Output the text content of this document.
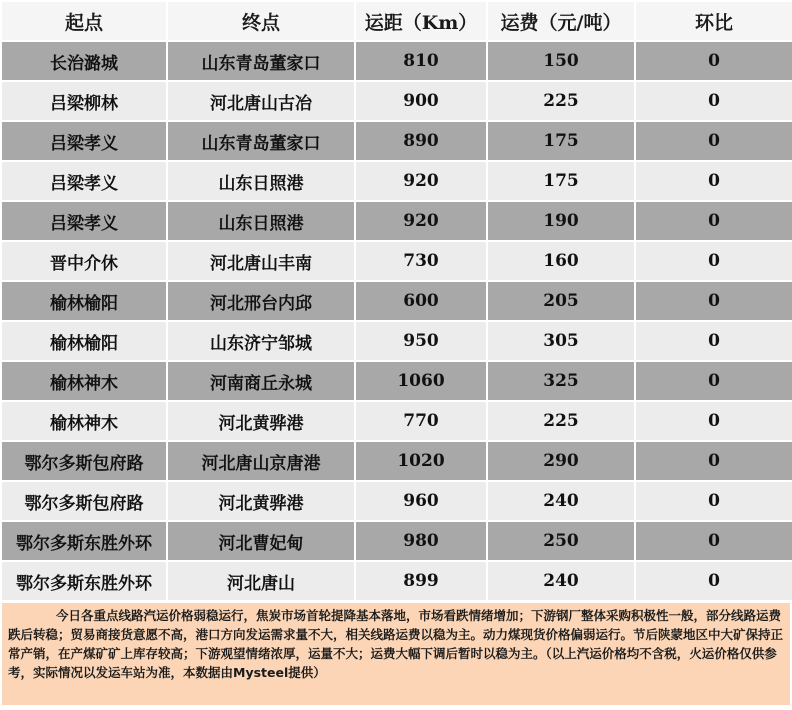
起点	终点	运距（Km）	运费（元/吨）	环比
长治潞城	山东青岛董家口	810	150	0
吕梁柳林	河北唐山古冶	900	225	0
吕梁孝义	山东青岛董家口	890	175	0
吕梁孝义	山东日照港	920	175	0
吕梁孝义	山东日照港	920	190	0
晋中介休	河北唐山丰南	730	160	0
榆林榆阳	河北邢台内邱	600	205	0
榆林榆阳	山东济宁邹城	950	305	0
榆林神木	河南商丘永城	1060	325	0
榆林神木	河北黄骅港	770	225	0
鄂尔多斯包府路	河北唐山京唐港	1020	290	0
鄂尔多斯包府路	河北黄骅港	960	240	0
鄂尔多斯东胜外环	河北曹妃甸	980	250	0
鄂尔多斯东胜外环	河北唐山	899	240	0
今日各重点线路汽运价格弱稳运行，焦炭市场首轮提降基本落地，市场看跌情绪增加；下游钢厂整体采购积极性一般，部分线路运费跌后转稳；贸易商接货意愿不高，港口方向发运需求量不大，相关线路运费以稳为主。动力煤现货价格偏弱运行。节后陕蒙地区中大矿保持正常产销，在产煤矿矿上库存较高；下游观望情绪浓厚，运量不大；运费大幅下调后暂时以稳为主。（以上汽运价格均不含税，火运价格仅供参考，实际情况以发运车站为准，本数据由Mysteel提供）
